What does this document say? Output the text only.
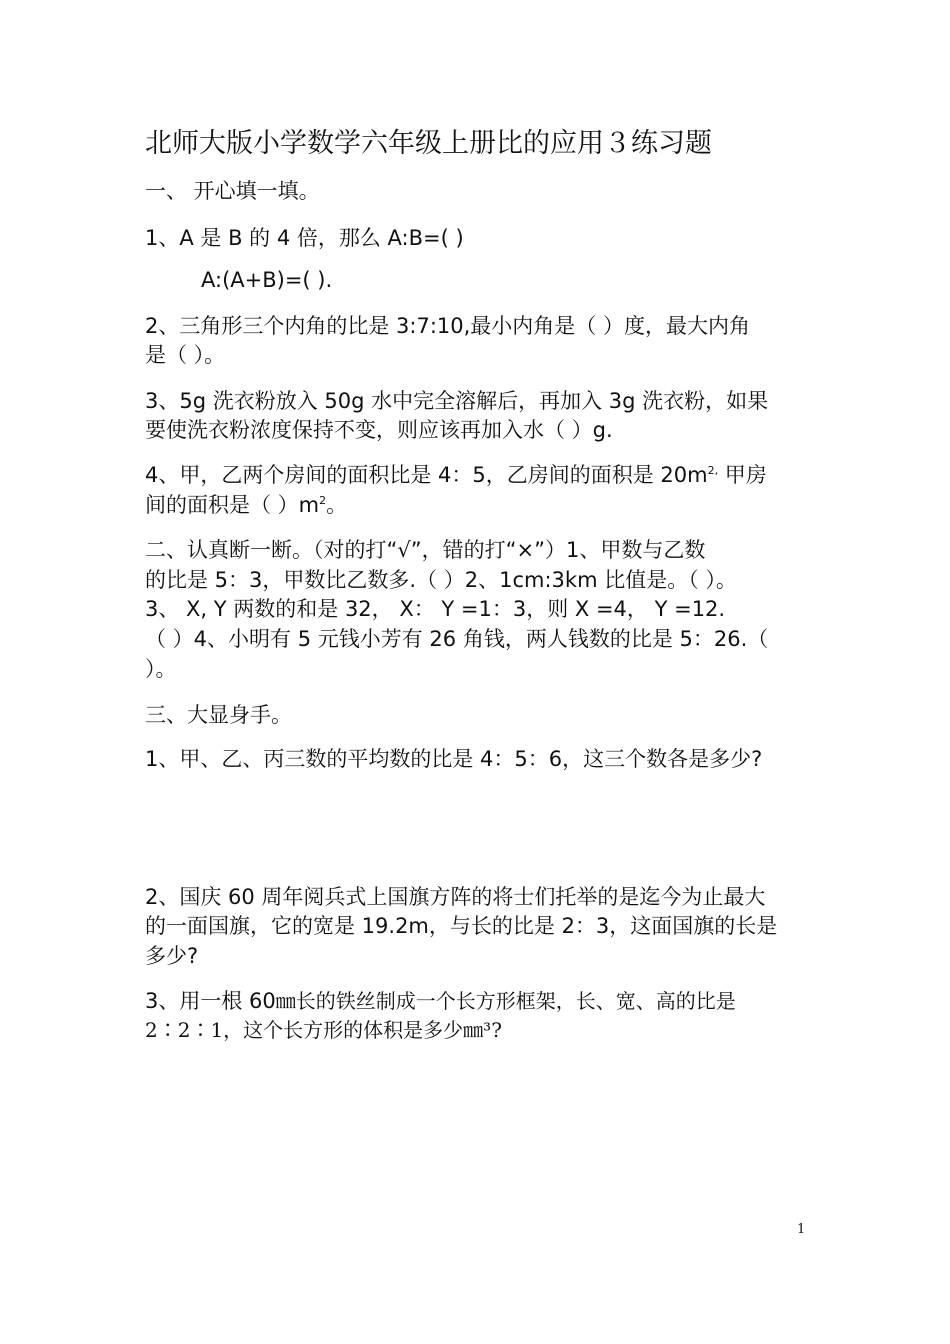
北师大版小学数学六年级上册比的应用３练习题
一、 开心填一填。
1、A 是 B 的 4 倍，那么 A:B=( )
A:(A+B)=( ).
2、三角形三个内角的比是 3:7:10,最小内角是（ ）度，最大内角
是（ ）。
3、5g 洗衣粉放入 50g 水中完全溶解后，再加入 3g 洗衣粉，如果
要使洗衣粉浓度保持不变，则应该再加入水（ ）g.
4、甲，乙两个房间的面积比是 4：5，乙房间的面积是 $20m^{2,}$ 甲房
间的面积是（ ）$m^2$。
二、认真断一断。（对的打“√”，错的打“×”）1、甲数与乙数
的比是 5：3，甲数比乙数多.（ ）2、1cm:3km 比值是。（ ）。
3、 X, Y 两数的和是 32， X： Y =1：3，则 X =4， Y =12.
（ ）4、小明有 5 元钱小芳有 26 角钱，两人钱数的比是 5：26.（
）。
三、大显身手。
1、甲、乙、丙三数的平均数的比是 4：5：6，这三个数各是多少?
2、国庆 60 周年阅兵式上国旗方阵的将士们托举的是迄今为止最大
的一面国旗，它的宽是 19.2m，与长的比是 2：3，这面国旗的长是
多少?
3、用一根 60㎜长的铁丝制成一个长方形框架，长、宽、高的比是
2∶2∶1，这个长方形的体积是多少㎜³?
1
